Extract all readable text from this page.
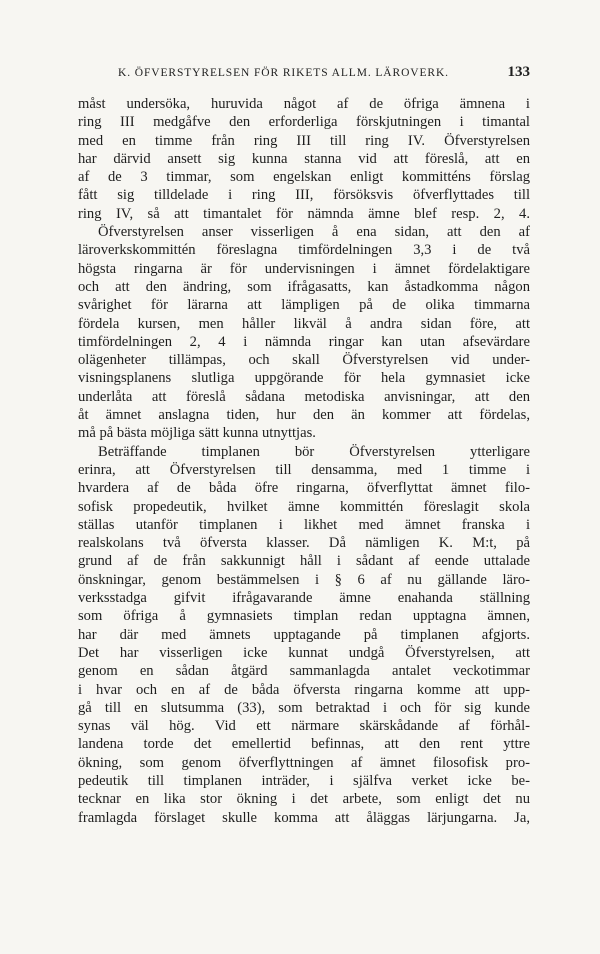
K. ÖFVERSTYRELSEN FÖR RIKETS ALLM. LÄROVERK.	133
måst undersöka, huruvida något af de öfriga ämnena i
ring III medgåfve den erforderliga förskjutningen i timantal
med en timme från ring III till ring IV. Öfverstyrelsen
har därvid ansett sig kunna stanna vid att föreslå, att en
af de 3 timmar, som engelskan enligt kommitténs förslag
fått sig tilldelade i ring III, försöksvis öfverflyttades till
ring IV, så att timantalet för nämnda ämne blef resp. 2, 4.
Öfverstyrelsen anser visserligen å ena sidan, att den af
läroverkskommittén föreslagna timfördelningen 3,3 i de två
högsta ringarna är för undervisningen i ämnet fördelaktigare
och att den ändring, som ifrågasatts, kan åstadkomma någon
svårighet för lärarna att lämpligen på de olika timmarna
fördela kursen, men håller likväl å andra sidan före, att
timfördelningen 2, 4 i nämnda ringar kan utan afsevärdare
olägenheter tillämpas, och skall Öfverstyrelsen vid under-
visningsplanens slutliga uppgörande för hela gymnasiet icke
underlåta att föreslå sådana metodiska anvisningar, att den
åt ämnet anslagna tiden, hur den än kommer att fördelas,
må på bästa möjliga sätt kunna utnyttjas.
Beträffande timplanen bör Öfverstyrelsen ytterligare
erinra, att Öfverstyrelsen till densamma, med 1 timme i
hvardera af de båda öfre ringarna, öfverflyttat ämnet filo-
sofisk propedeutik, hvilket ämne kommittén föreslagit skola
ställas utanför timplanen i likhet med ämnet franska i
realskolans två öfversta klasser. Då nämligen K. M:t, på
grund af de från sakkunnigt håll i sådant af eende uttalade
önskningar, genom bestämmelsen i § 6 af nu gällande läro-
verksstadga gifvit ifrågavarande ämne enahanda ställning
som öfriga å gymnasiets timplan redan upptagna ämnen,
har där med ämnets upptagande på timplanen afgjorts.
Det har visserligen icke kunnat undgå Öfverstyrelsen, att
genom en sådan åtgärd sammanlagda antalet veckotimmar
i hvar och en af de båda öfversta ringarna komme att upp-
gå till en slutsumma (33), som betraktad i och för sig kunde
synas väl hög. Vid ett närmare skärskådande af förhål-
landena torde det emellertid befinnas, att den rent yttre
ökning, som genom öfverflyttningen af ämnet filosofisk pro-
pedeutik till timplanen inträder, i själfva verket icke be-
tecknar en lika stor ökning i det arbete, som enligt det nu
framlagda förslaget skulle komma att åläggas lärjungarna. Ja,
